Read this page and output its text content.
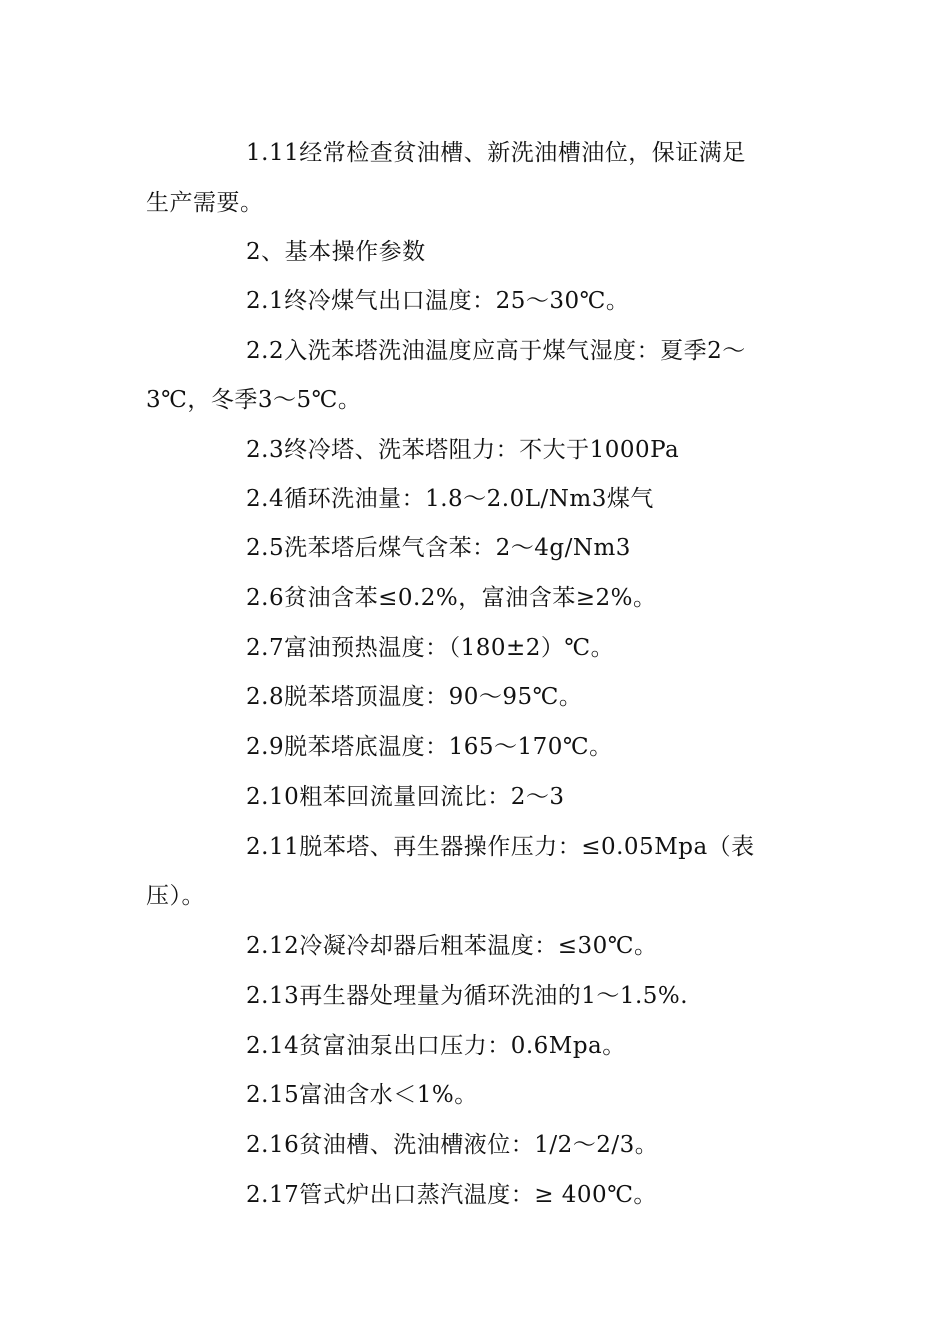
1.11经常检查贫油槽、新洗油槽油位，保证满足
生产需要。
2、基本操作参数
2.1终冷煤气出口温度：25～30℃。
2.2入洗苯塔洗油温度应高于煤气湿度：夏季2～
3℃，冬季3～5℃。
2.3终冷塔、洗苯塔阻力：不大于1000Pa
2.4循环洗油量：1.8～2.0L/Nm3煤气
2.5洗苯塔后煤气含苯：2～4g/Nm3
2.6贫油含苯≤0.2%，富油含苯≥2%。
2.7富油预热温度：（180±2）℃。
2.8脱苯塔顶温度：90～95℃。
2.9脱苯塔底温度：165～170℃。
2.10粗苯回流量回流比：2～3
2.11脱苯塔、再生器操作压力：≤0.05Mpa（表
压）。
2.12冷凝冷却器后粗苯温度：≤30℃。
2.13再生器处理量为循环洗油的1～1.5%.
2.14贫富油泵出口压力：0.6Mpa。
2.15富油含水＜1%。
2.16贫油槽、洗油槽液位：1/2～2/3。
2.17管式炉出口蒸汽温度：≥ 400℃。
